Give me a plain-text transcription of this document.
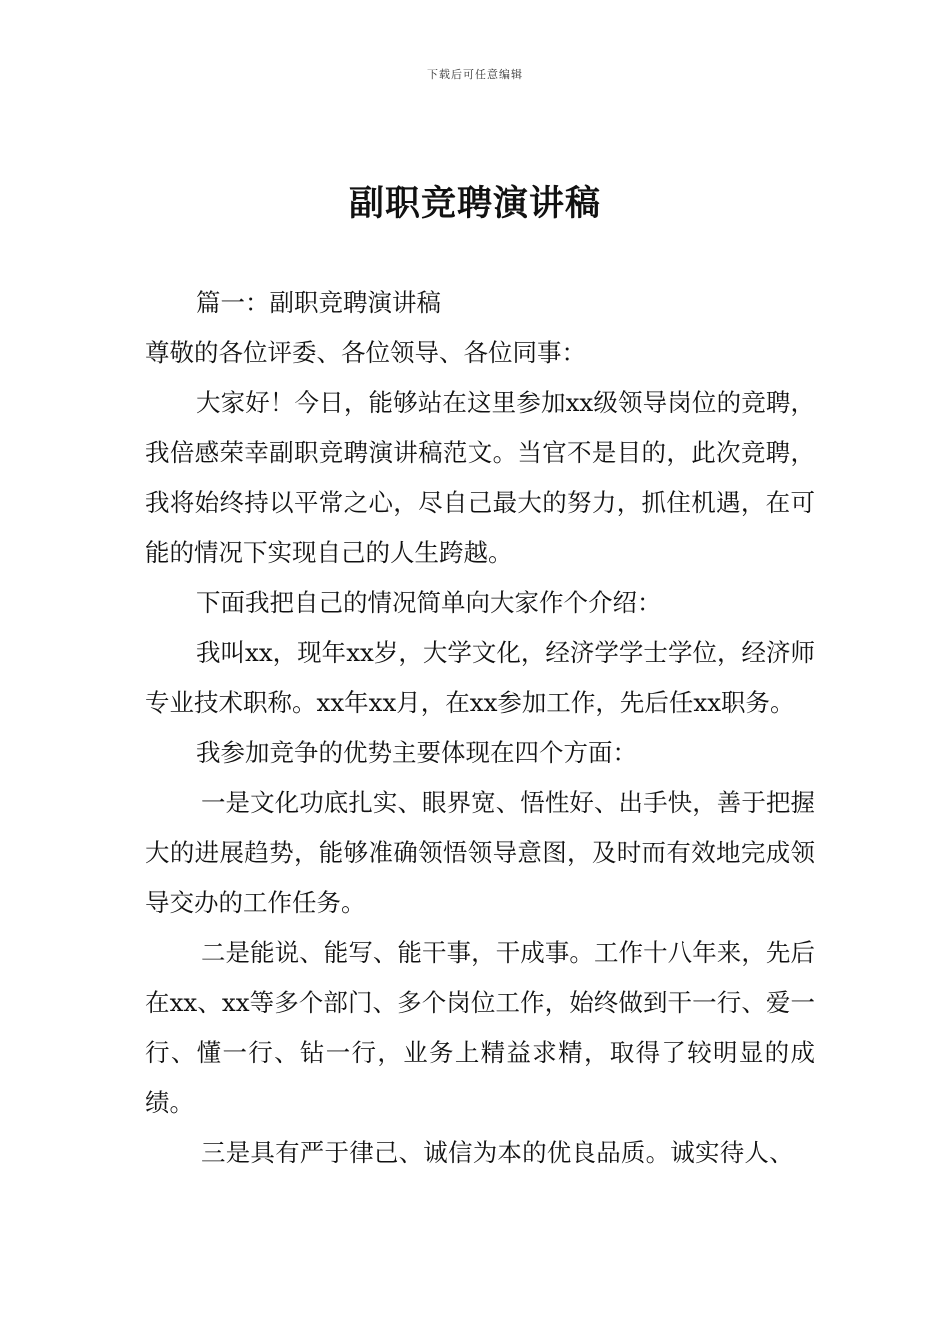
下载后可任意编辑
副职竞聘演讲稿

篇一：副职竞聘演讲稿

尊敬的各位评委、各位领导、各位同事：

大家好！今日，能够站在这里参加xx级领导岗位的竞聘，我倍感荣幸副职竞聘演讲稿范文。当官不是目的，此次竞聘，我将始终持以平常之心，尽自己最大的努力，抓住机遇，在可能的情况下实现自己的人生跨越。

下面我把自己的情况简单向大家作个介绍：

我叫xx，现年xx岁，大学文化，经济学学士学位，经济师专业技术职称。xx年xx月，在xx参加工作，先后任xx职务。

我参加竞争的优势主要体现在四个方面：

一是文化功底扎实、眼界宽、悟性好、出手快，善于把握大的进展趋势，能够准确领悟领导意图，及时而有效地完成领导交办的工作任务。

二是能说、能写、能干事，干成事。工作十八年来，先后在xx、xx等多个部门、多个岗位工作，始终做到干一行、爱一行、懂一行、钻一行，业务上精益求精，取得了较明显的成绩。

三是具有严于律己、诚信为本的优良品质。诚实待人、
